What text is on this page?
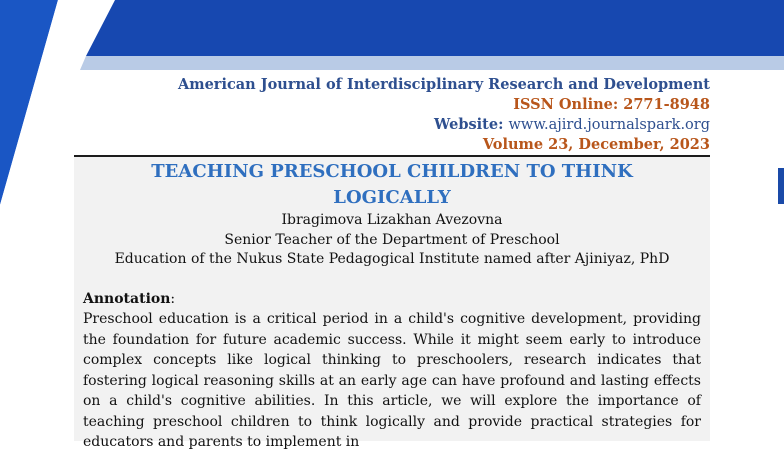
American Journal of Interdisciplinary Research and Development
ISSN Online: 2771-8948
Website: www.ajird.journalspark.org
Volume 23, December, 2023
TEACHING PRESCHOOL CHILDREN TO THINK LOGICALLY
Ibragimova Lizakhan Avezovna
Senior Teacher of the Department of Preschool
Education of the Nukus State Pedagogical Institute named after Ajiniyaz, PhD
Annotation:

Preschool education is a critical period in a child's cognitive development, providing the foundation for future academic success. While it might seem early to introduce complex concepts like logical thinking to preschoolers, research indicates that fostering logical reasoning skills at an early age can have profound and lasting effects on a child's cognitive abilities. In this article, we will explore the importance of teaching preschool children to think logically and provide practical strategies for educators and parents to implement in
